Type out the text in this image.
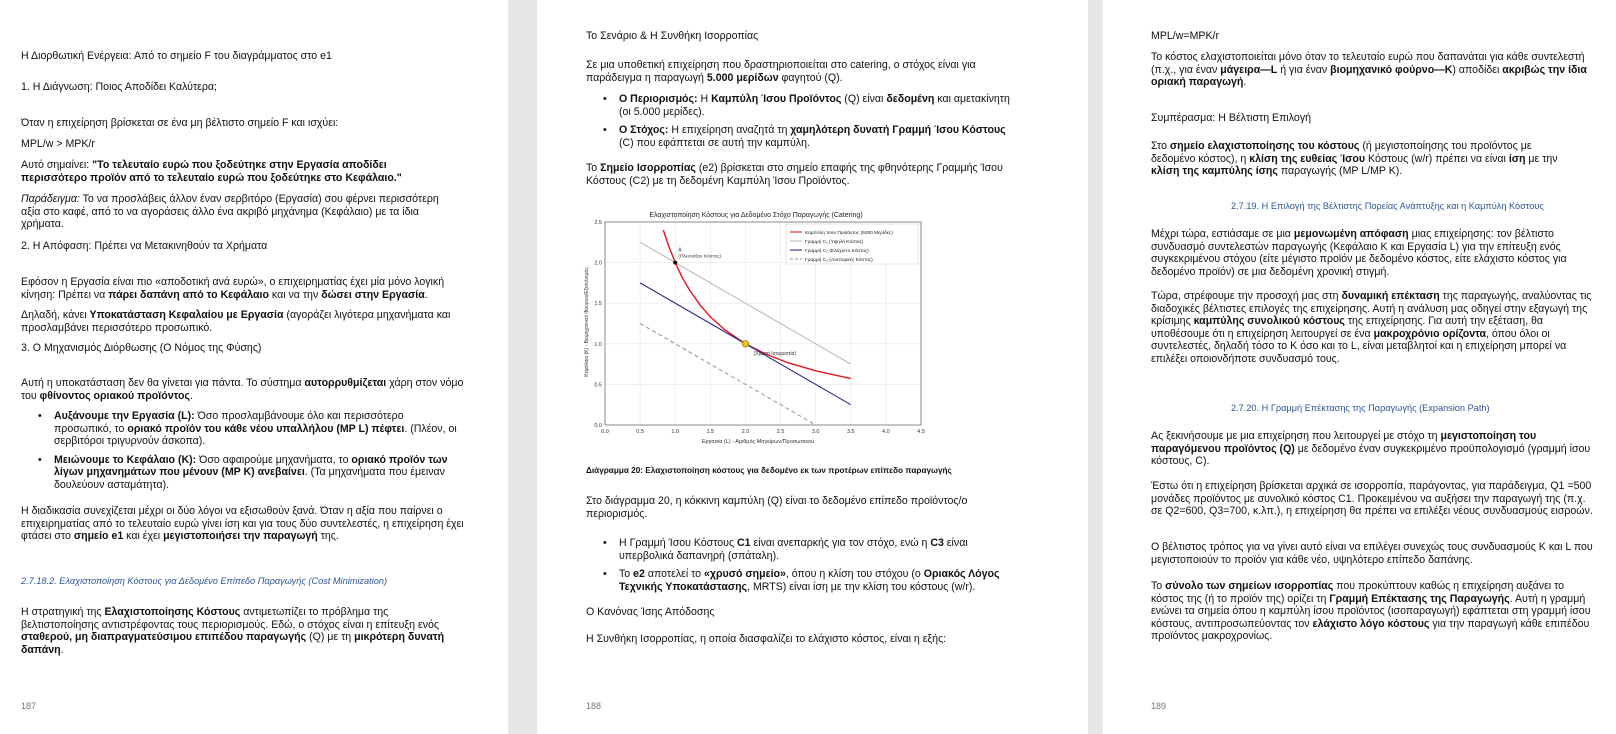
Η Διορθωτική Ενέργεια: Από το σημείο F του διαγράμματος στο e1

1. Η Διάγνωση: Ποιος Αποδίδει Καλύτερα;

Όταν η επιχείρηση βρίσκεται σε ένα μη βέλτιστο σημείο F και ισχύει:

MPL/w > MPK/r

Αυτό σημαίνει: "Το τελευταίο ευρώ που ξοδεύτηκε στην Εργασία αποδίδει περισσότερο προϊόν από το τελευταίο ευρώ που ξοδεύτηκε στο Κεφάλαιο."

Παράδειγμα: Το να προσλάβεις άλλον έναν σερβιτόρο (Εργασία) σου φέρνει περισσότερη αξία στο καφέ, από το να αγοράσεις άλλο ένα ακριβό μηχάνημα (Κεφάλαιο) με τα ίδια χρήματα.

2. Η Απόφαση: Πρέπει να Μετακινηθούν τα Χρήματα

Εφόσον η Εργασία είναι πιο «αποδοτική ανά ευρώ», ο επιχειρηματίας έχει μία μόνο λογική κίνηση: Πρέπει να πάρει δαπάνη από το Κεφάλαιο και να την δώσει στην Εργασία.

Δηλαδή, κάνει Υποκατάσταση Κεφαλαίου με Εργασία (αγοράζει λιγότερα μηχανήματα και προσλαμβάνει περισσότερο προσωπικό.

3. Ο Μηχανισμός Διόρθωσης (Ο Νόμος της Φύσης)

Αυτή η υποκατάσταση δεν θα γίνεται για πάντα. Το σύστημα αυτορρυθμίζεται χάρη στον νόμο του φθίνοντος οριακού προϊόντος.

• Αυξάνουμε την Εργασία (L): Όσο προσλαμβάνουμε όλο και περισσότερο προσωπικό, το οριακό προϊόν του κάθε νέου υπαλλήλου (MP L) πέφτει. (Πλέον, οι σερβιτόροι τριγυρνούν άσκοπα).
• Μειώνουμε το Κεφάλαιο (K): Όσο αφαιρούμε μηχανήματα, το οριακό προϊόν των λίγων μηχανημάτων που μένουν (MP K) ανεβαίνει. (Τα μηχανήματα που έμειναν δουλεύουν ασταμάτητα).

Η διαδικασία συνεχίζεται μέχρι οι δύο λόγοι να εξισωθούν ξανά. Όταν η αξία που παίρνει ο επιχειρηματίας από το τελευταίο ευρώ γίνει ίση και για τους δύο συντελεστές, η επιχείρηση έχει φτάσει στο σημείο e1 και έχει μεγιστοποιήσει την παραγωγή της.

2.7.18.2. Ελαχιστοποίηση Κόστους για Δεδομένο Επίπεδο Παραγωγής (Cost Minimization)

Η στρατηγική της Ελαχιστοποίησης Κόστους αντιμετωπίζει το πρόβλημα της βελτιστοποίησης αντιστρέφοντας τους περιορισμούς. Εδώ, ο στόχος είναι η επίτευξη ενός σταθερού, μη διαπραγματεύσιμου επιπέδου παραγωγής (Q) με τη μικρότερη δυνατή δαπάνη.

187

Το Σενάριο & Η Συνθήκη Ισορροπίας

Σε μια υποθετική επιχείρηση που δραστηριοποιείται στο catering, ο στόχος είναι για παράδειγμα η παραγωγή 5.000 μερίδων φαγητού (Q).

• Ο Περιορισμός: Η Καμπύλη Ίσου Προϊόντος (Q) είναι δεδομένη και αμετακίνητη (οι 5.000 μερίδες).
• Ο Στόχος: Η επιχείρηση αναζητά τη χαμηλότερη δυνατή Γραμμή Ίσου Κόστους (C) που εφάπτεται σε αυτή την καμπύλη.

Το Σημείο Ισορροπίας (e2) βρίσκεται στο σημείο επαφής της φθηνότερης Γραμμής Ίσου Κόστους (C2) με τη δεδομένη Καμπύλη Ίσου Προϊόντος.

Ελαχιστοποίηση Κόστους για Δεδομένο Στόχο Παραγωγής (Catering)
0.0	0.5	1.0	1.5	2.0	2.5	3.0	3.5	4.0	4.5
0.0
0.5
1.0
1.5
2.0
2.5
A
(Πλεονάζον Κόστος)
(Χρυσή Ισορροπία)
Εργασία (L) - Αριθμός Μαγείρων/Προσωπικού
Κεφάλαιο (K) - Βιομηχανικοί Φούρνοι/Εξοπλισμός
Καμπύλη Ίσου Προϊόντος (5000 Μερίδες)
Γραμμή C₁ (Υψηλό Κόστος)
Γραμμή C₂ (Ελάχιστο Κόστος)
Γραμμή C₃ (Ανεπαρκές Κόστος)
Διάγραμμα 20: Ελαχιστοποίηση κόστους για δεδομένο εκ των προτέρων επίπεδο παραγωγής

Στο διάγραμμα 20, η κόκκινη καμπύλη (Q) είναι το δεδομένο επίπεδο προϊόντος/ο περιορισμός.

• Η Γραμμή Ίσου Κόστους C1 είναι ανεπαρκής για τον στόχο, ενώ η C3 είναι υπερβολικά δαπανηρή (σπάταλη).
• Το e2 αποτελεί το «χρυσό σημείο», όπου η κλίση του στόχου (ο Οριακός Λόγος Τεχνικής Υποκατάστασης, MRTS) είναι ίση με την κλίση του κόστους (w/r).

Ο Κανόνας Ίσης Απόδοσης

Η Συνθήκη Ισορροπίας, η οποία διασφαλίζει το ελάχιστο κόστος, είναι η εξής:

188

MPL/w=MPK/r

Το κόστος ελαχιστοποιείται μόνο όταν το τελευταίο ευρώ που δαπανάται για κάθε συντελεστή (π.χ., για έναν μάγειρα—L ή για έναν βιομηχανικό φούρνο—K) αποδίδει ακριβώς την ίδια οριακή παραγωγή.

Συμπέρασμα: Η Βέλτιστη Επιλογή

Στο σημείο ελαχιστοποίησης του κόστους (ή μεγιστοποίησης του προϊόντος με δεδομένο κόστος), η κλίση της ευθείας Ίσου Κόστους (w/r) πρέπει να είναι ίση με την κλίση της καμπύλης ίσης παραγωγής (MP L/MP K).

2.7.19. Η Επιλογή της Βέλτιστης Πορείας Ανάπτυξης και η Καμπύλη Κόστους

Μέχρι τώρα, εστιάσαμε σε μια μεμονωμένη απόφαση μιας επιχείρησης: τον βέλτιστο συνδυασμό συντελεστών παραγωγής (Κεφάλαιο Κ και Εργασία L) για την επίτευξη ενός συγκεκριμένου στόχου (είτε μέγιστο προϊόν με δεδομένο κόστος, είτε ελάχιστο κόστος για δεδομένο προϊόν) σε μια δεδομένη χρονική στιγμή.

Τώρα, στρέφουμε την προσοχή μας στη δυναμική επέκταση της παραγωγής, αναλύοντας τις διαδοχικές βέλτιστες επιλογές της επιχείρησης. Αυτή η ανάλυση μας οδηγεί στην εξαγωγή της κρίσιμης καμπύλης συνολικού κόστους της επιχείρησης. Για αυτή την εξέταση, θα υποθέσουμε ότι η επιχείρηση λειτουργεί σε ένα μακροχρόνιο ορίζοντα, όπου όλοι οι συντελεστές, δηλαδή τόσο το K όσο και το L, είναι μεταβλητοί και η επιχείρηση μπορεί να επιλέξει οποιονδήποτε συνδυασμό τους.

2.7.20. Η Γραμμή Επέκτασης της Παραγωγής (Expansion Path)

Ας ξεκινήσουμε με μια επιχείρηση που λειτουργεί με στόχο τη μεγιστοποίηση του παραγόμενου προϊόντος (Q) με δεδομένο έναν συγκεκριμένο προϋπολογισμό (γραμμή ίσου κόστους, C).

Έστω ότι η επιχείρηση βρίσκεται αρχικά σε ισορροπία, παράγοντας, για παράδειγμα, Q1 =500 μονάδες προϊόντος με συνολικό κόστος C1. Προκειμένου να αυξήσει την παραγωγή της (π.χ. σε Q2=600, Q3=700, κ.λπ.), η επιχείρηση θα πρέπει να επιλέξει νέους συνδυασμούς εισροών.

Ο βέλτιστος τρόπος για να γίνει αυτό είναι να επιλέγει συνεχώς τους συνδυασμούς K και L που μεγιστοποιούν το προϊόν για κάθε νέο, υψηλότερο επίπεδο δαπάνης.

Το σύνολο των σημείων ισορροπίας που προκύπτουν καθώς η επιχείρηση αυξάνει το κόστος της (ή το προϊόν της) ορίζει τη Γραμμή Επέκτασης της Παραγωγής. Αυτή η γραμμή ενώνει τα σημεία όπου η καμπύλη ίσου προϊόντος (ισοπαραγωγή) εφάπτεται στη γραμμή ίσου κόστους, αντιπροσωπεύοντας τον ελάχιστο λόγο κόστους για την παραγωγή κάθε επιπέδου προϊόντος μακροχρονίως.

189
